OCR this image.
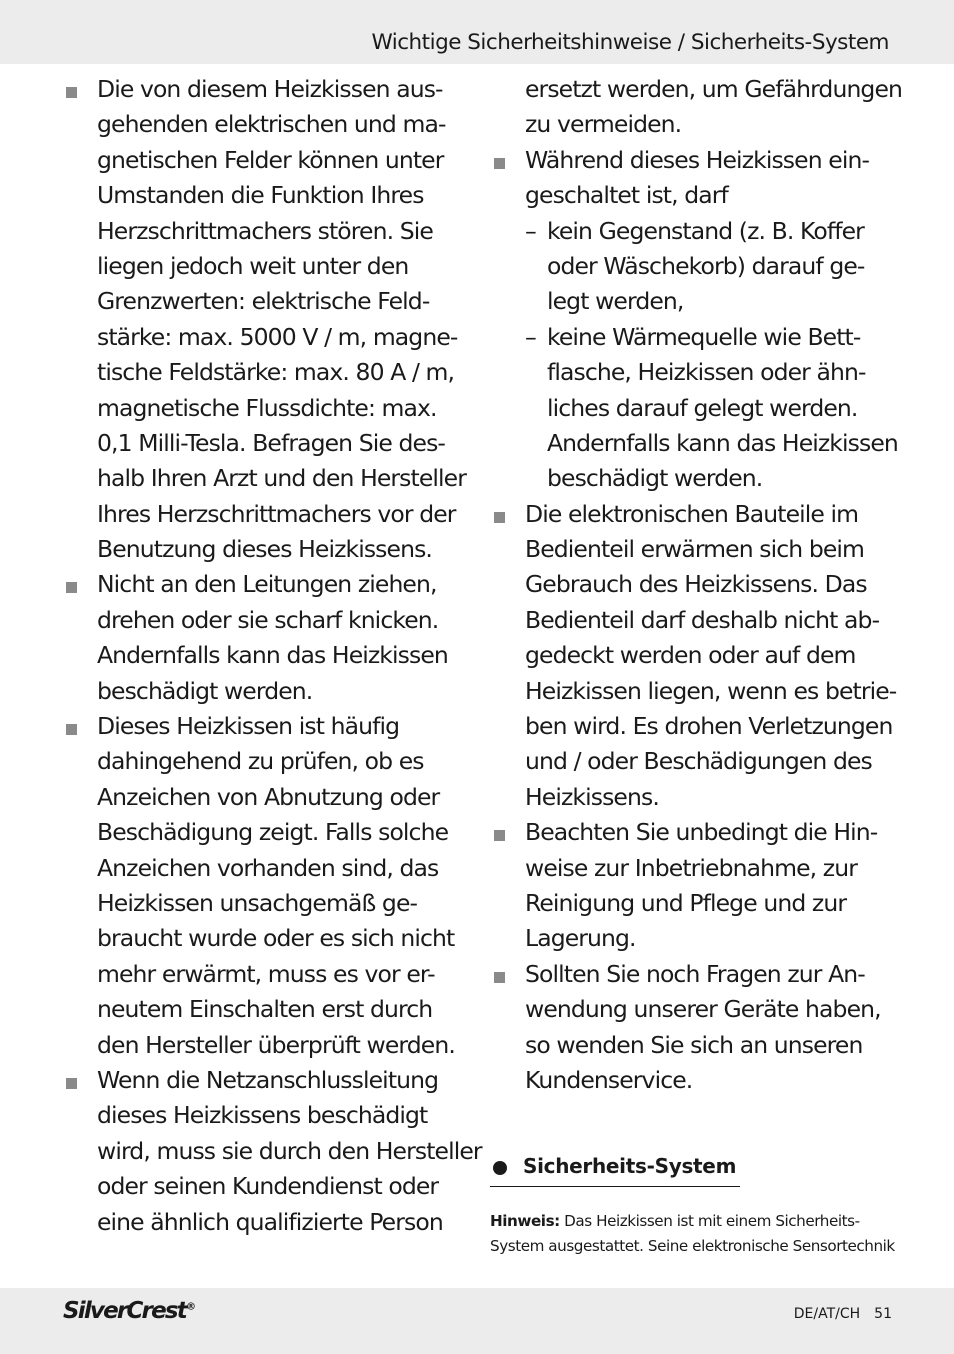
Wichtige Sicherheitshinweise / Sicherheits-System
Die von diesem Heizkissen aus-
gehenden elektrischen und ma-
gnetischen Felder können unter
Umstanden die Funktion Ihres
Herzschrittmachers stören. Sie
liegen jedoch weit unter den
Grenzwerten: elektrische Feld-
stärke: max. 5000 V / m, magne-
tische Feldstärke: max. 80 A / m,
magnetische Flussdichte: max.
0,1 Milli-Tesla. Befragen Sie des-
halb Ihren Arzt und den Hersteller
Ihres Herzschrittmachers vor der
Benutzung dieses Heizkissens.
Nicht an den Leitungen ziehen,
drehen oder sie scharf knicken.
Andernfalls kann das Heizkissen
beschädigt werden.
Dieses Heizkissen ist häufig
dahingehend zu prüfen, ob es
Anzeichen von Abnutzung oder
Beschädigung zeigt. Falls solche
Anzeichen vorhanden sind, das
Heizkissen unsachgemäß ge-
braucht wurde oder es sich nicht
mehr erwärmt, muss es vor er-
neutem Einschalten erst durch
den Hersteller überprüft werden.
Wenn die Netzanschlussleitung
dieses Heizkissens beschädigt
wird, muss sie durch den Hersteller
oder seinen Kundendienst oder
eine ähnlich qualifizierte Person
ersetzt werden, um Gefährdungen
zu vermeiden.
Während dieses Heizkissen ein-
geschaltet ist, darf
– kein Gegenstand (z. B. Koffer
oder Wäschekorb) darauf ge-
legt werden,
– keine Wärmequelle wie Bett-
flasche, Heizkissen oder ähn-
liches darauf gelegt werden.
Andernfalls kann das Heizkissen
beschädigt werden.
Die elektronischen Bauteile im
Bedienteil erwärmen sich beim
Gebrauch des Heizkissens. Das
Bedienteil darf deshalb nicht ab-
gedeckt werden oder auf dem
Heizkissen liegen, wenn es betrie-
ben wird. Es drohen Verletzungen
und / oder Beschädigungen des
Heizkissens.
Beachten Sie unbedingt die Hin-
weise zur Inbetriebnahme, zur
Reinigung und Pflege und zur
Lagerung.
Sollten Sie noch Fragen zur An-
wendung unserer Geräte haben,
so wenden Sie sich an unseren
Kundenservice.
Sicherheits-System
Hinweis: Das Heizkissen ist mit einem Sicherheits-
System ausgestattet. Seine elektronische Sensortechnik
SilverCrest®	DE/AT/CH 51
